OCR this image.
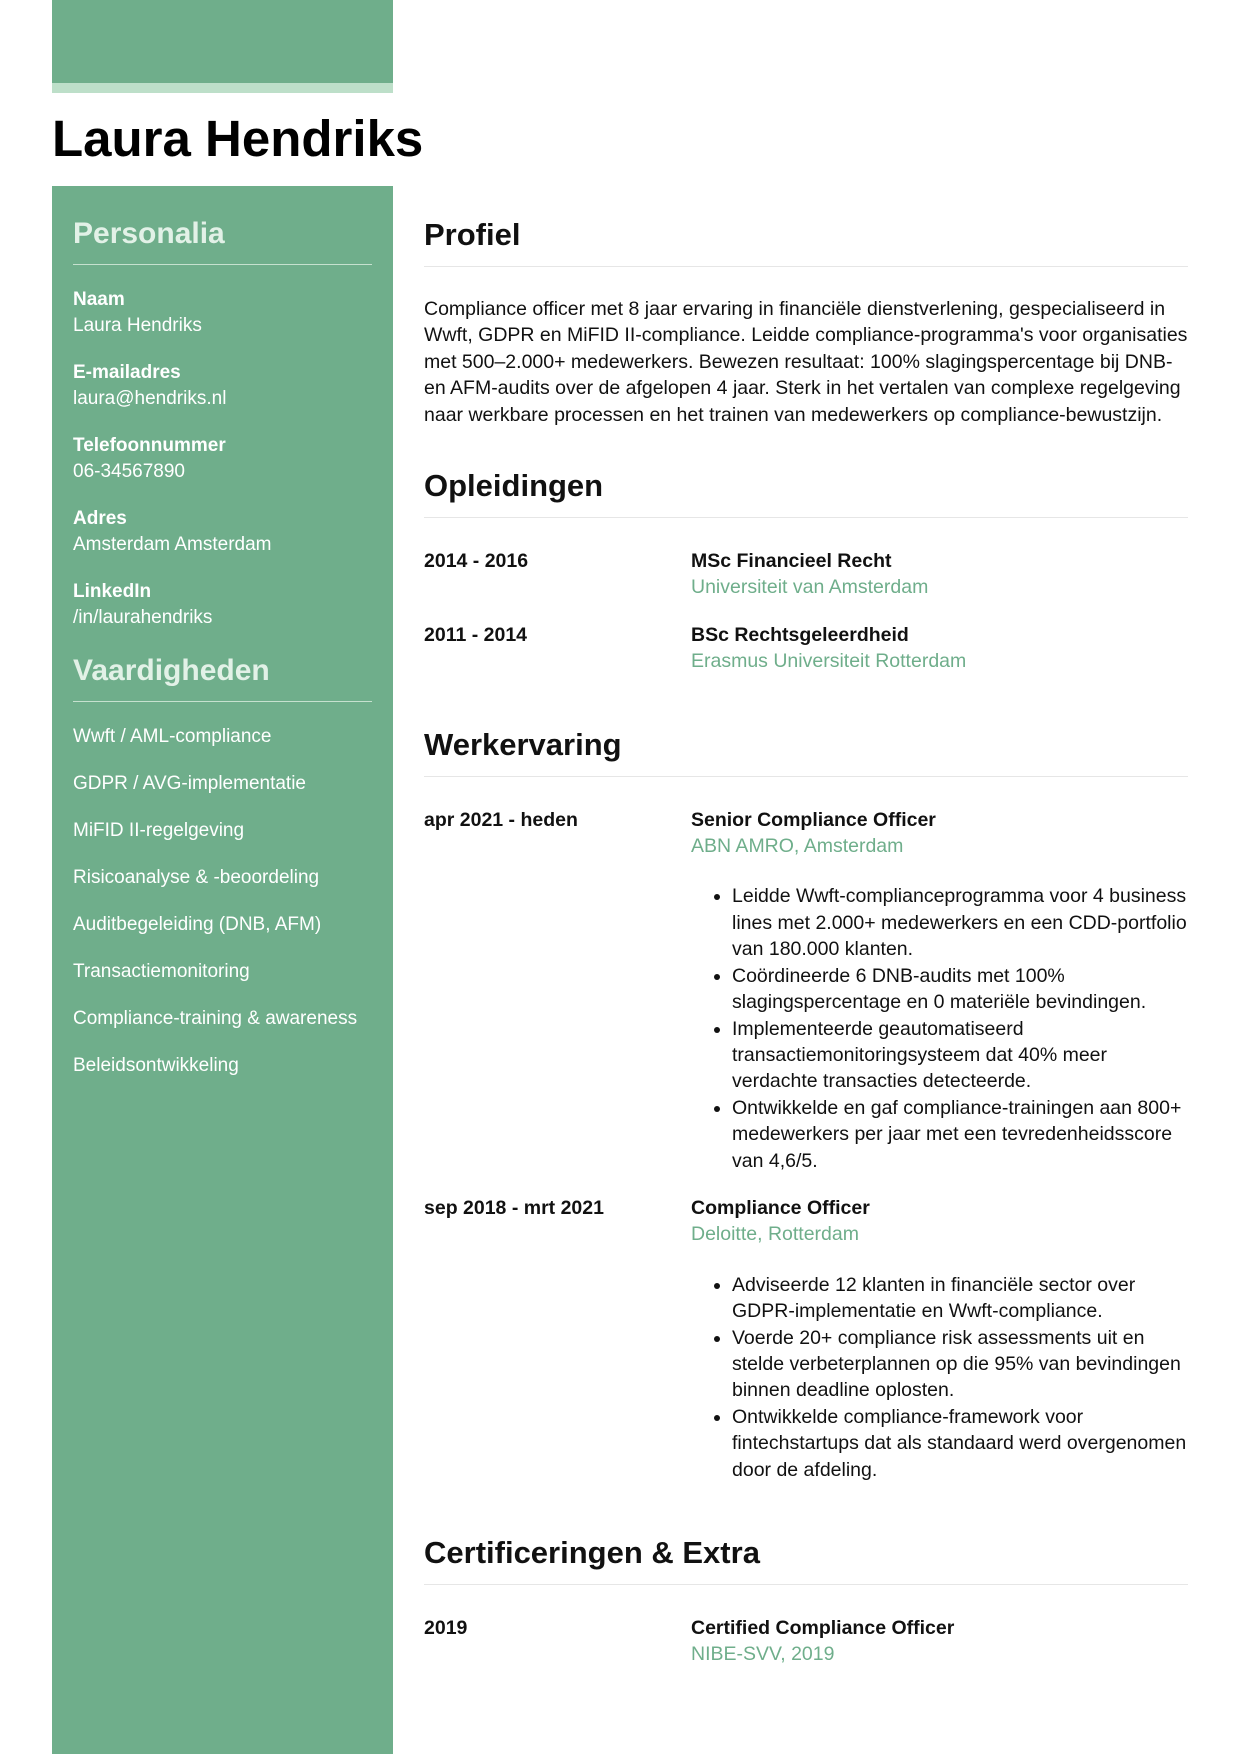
Laura Hendriks
Personalia
Naam
Laura Hendriks
E-mailadres
laura@hendriks.nl
Telefoonnummer
06-34567890
Adres
Amsterdam Amsterdam
LinkedIn
/in/laurahendriks
Vaardigheden
Wwft / AML-compliance
GDPR / AVG-implementatie
MiFID II-regelgeving
Risicoanalyse & -beoordeling
Auditbegeleiding (DNB, AFM)
Transactiemonitoring
Compliance-training & awareness
Beleidsontwikkeling
Profiel

Compliance officer met 8 jaar ervaring in financiële dienstverlening, gespecialiseerd in Wwft, GDPR en MiFID II-compliance. Leidde compliance-programma's voor organisaties met 500–2.000+ medewerkers. Bewezen resultaat: 100% slagingspercentage bij DNB- en AFM-audits over de afgelopen 4 jaar. Sterk in het vertalen van complexe regelgeving naar werkbare processen en het trainen van medewerkers op compliance-bewustzijn.

Opleidingen
2014 - 2016	MSc Financieel Recht
Universiteit van Amsterdam
2011 - 2014	BSc Rechtsgeleerdheid
Erasmus Universiteit Rotterdam
Werkervaring
apr 2021 - heden	Senior Compliance Officer
ABN AMRO, Amsterdam
• Leidde Wwft-complianceprogramma voor 4 business lines met 2.000+ medewerkers en een CDD-portfolio van 180.000 klanten.
• Coördineerde 6 DNB-audits met 100% slagingspercentage en 0 materiële bevindingen.
• Implementeerde geautomatiseerd transactiemonitoringsysteem dat 40% meer verdachte transacties detecteerde.
• Ontwikkelde en gaf compliance-trainingen aan 800+ medewerkers per jaar met een tevredenheidsscore van 4,6/5.
sep 2018 - mrt 2021	Compliance Officer
Deloitte, Rotterdam
• Adviseerde 12 klanten in financiële sector over GDPR-implementatie en Wwft-compliance.
• Voerde 20+ compliance risk assessments uit en stelde verbeterplannen op die 95% van bevindingen binnen deadline oplosten.
• Ontwikkelde compliance-framework voor fintechstartups dat als standaard werd overgenomen door de afdeling.
Certificeringen & Extra
2019	Certified Compliance Officer
NIBE-SVV, 2019
